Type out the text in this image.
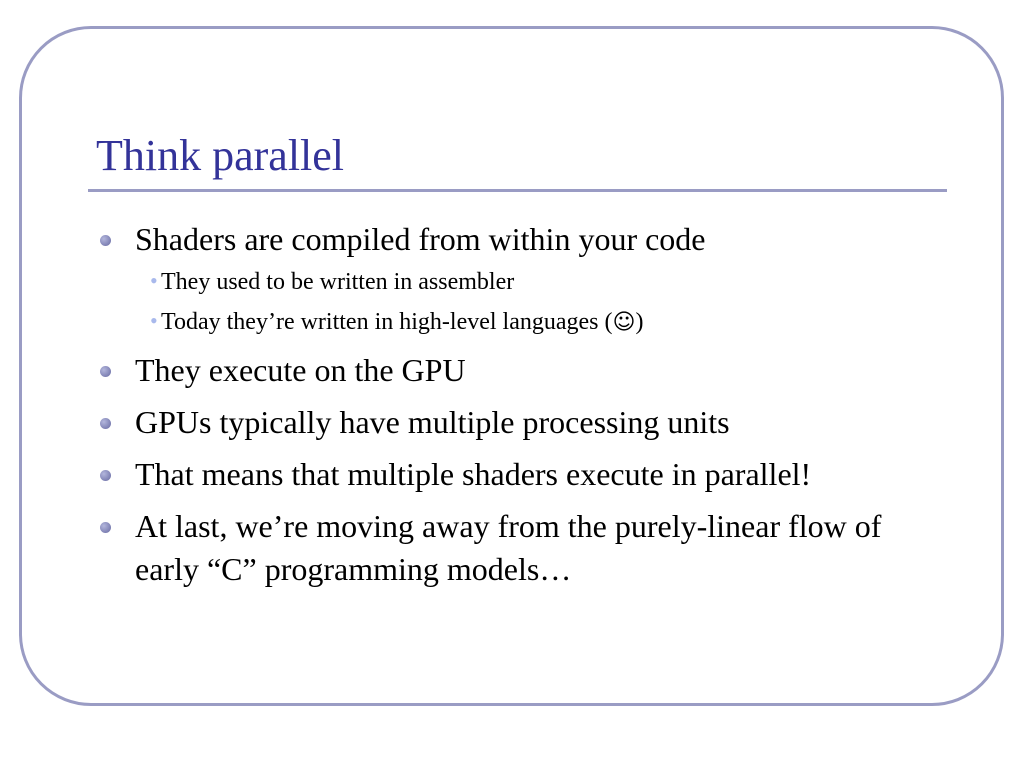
Think parallel
Shaders are compiled from within your code
• They used to be written in assembler
• Today they’re written in high-level languages (☺)
They execute on the GPU
GPUs typically have multiple processing units
That means that multiple shaders execute in parallel!
At last, we’re moving away from the purely-linear flow of early “C” programming models…
